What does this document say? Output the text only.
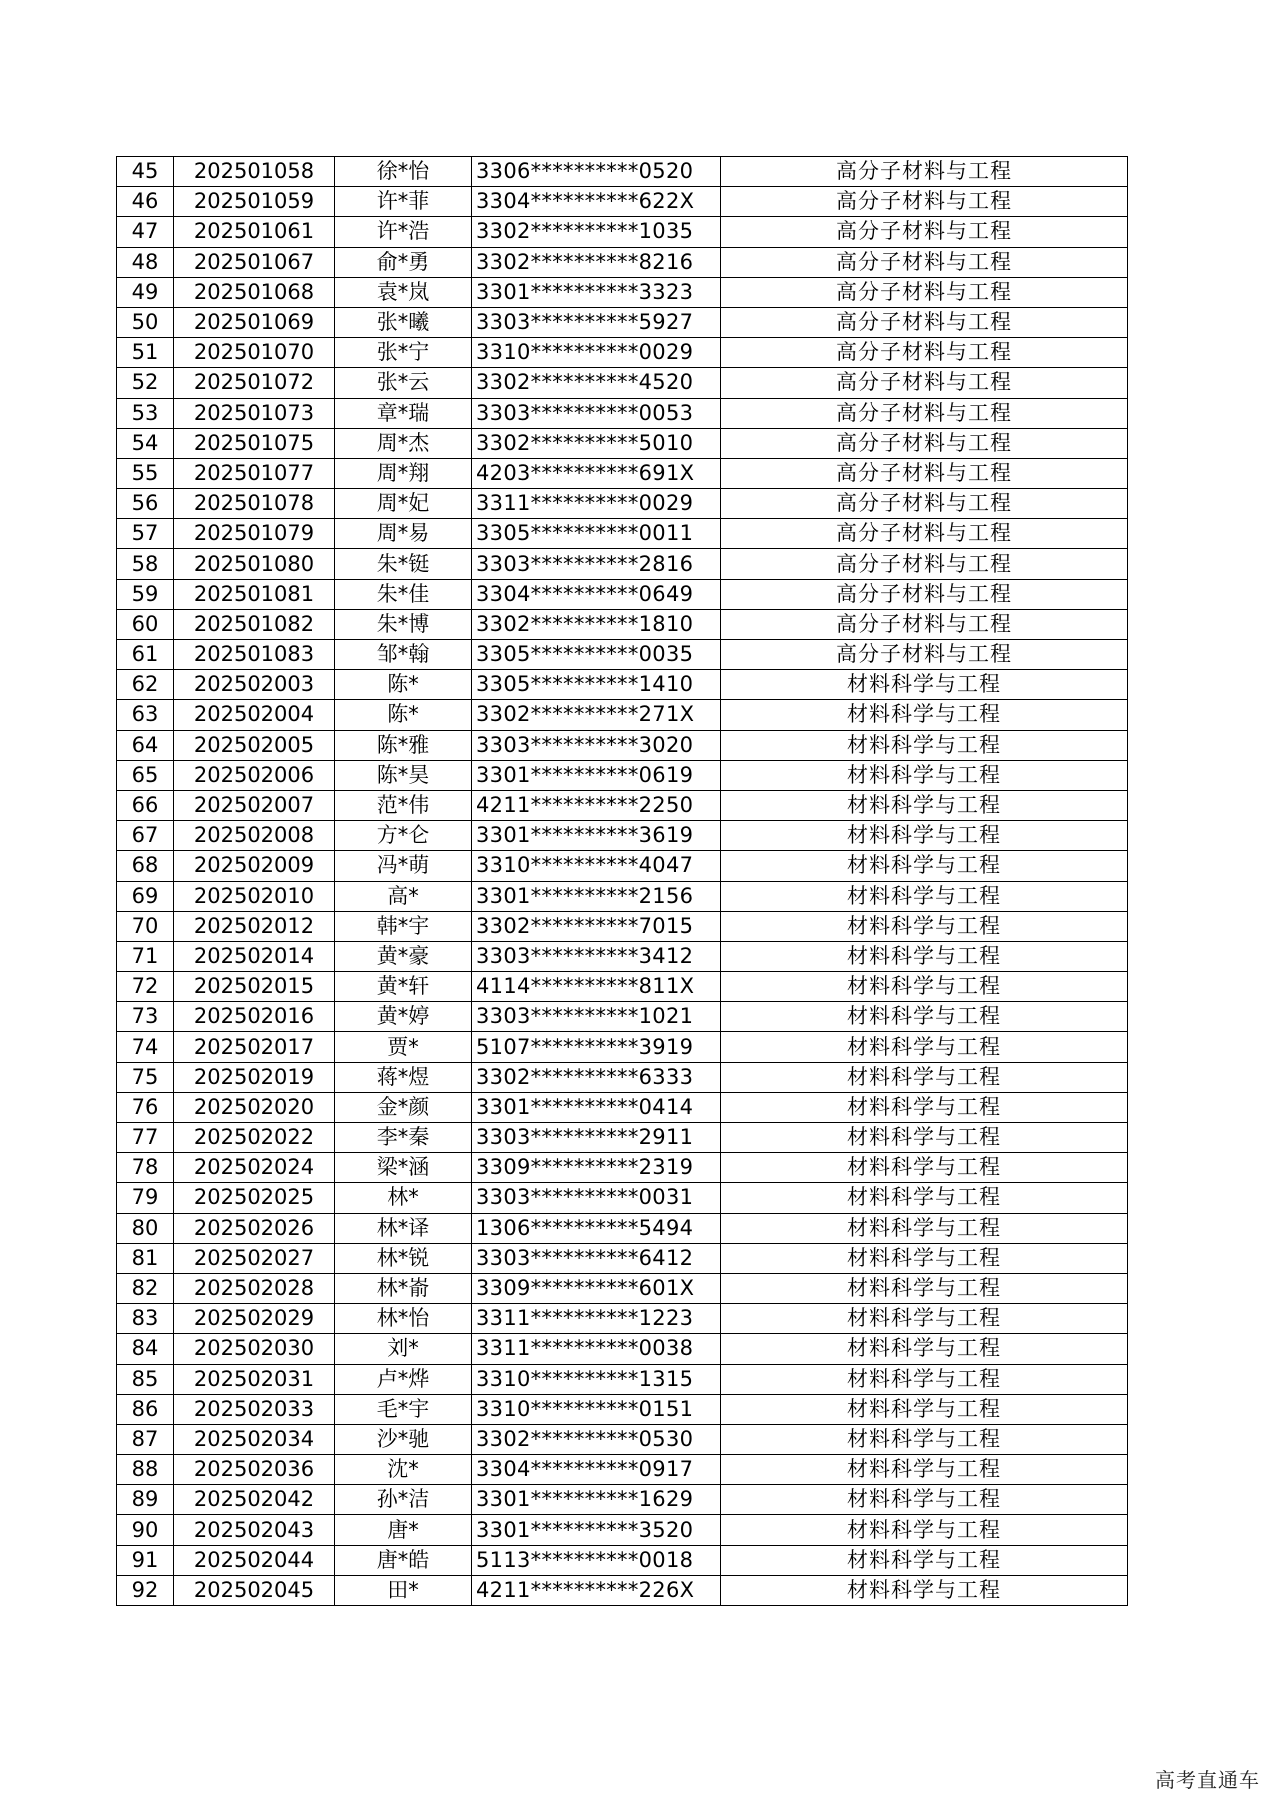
45	202501058	徐*怡	3306**********0520	高分子材料与工程
46	202501059	许*菲	3304**********622X	高分子材料与工程
47	202501061	许*浩	3302**********1035	高分子材料与工程
48	202501067	俞*勇	3302**********8216	高分子材料与工程
49	202501068	袁*岚	3301**********3323	高分子材料与工程
50	202501069	张*曦	3303**********5927	高分子材料与工程
51	202501070	张*宁	3310**********0029	高分子材料与工程
52	202501072	张*云	3302**********4520	高分子材料与工程
53	202501073	章*瑞	3303**********0053	高分子材料与工程
54	202501075	周*杰	3302**********5010	高分子材料与工程
55	202501077	周*翔	4203**********691X	高分子材料与工程
56	202501078	周*妃	3311**********0029	高分子材料与工程
57	202501079	周*易	3305**********0011	高分子材料与工程
58	202501080	朱*铤	3303**********2816	高分子材料与工程
59	202501081	朱*佳	3304**********0649	高分子材料与工程
60	202501082	朱*博	3302**********1810	高分子材料与工程
61	202501083	邹*翰	3305**********0035	高分子材料与工程
62	202502003	陈*	3305**********1410	材料科学与工程
63	202502004	陈*	3302**********271X	材料科学与工程
64	202502005	陈*雅	3303**********3020	材料科学与工程
65	202502006	陈*昊	3301**********0619	材料科学与工程
66	202502007	范*伟	4211**********2250	材料科学与工程
67	202502008	方*仑	3301**********3619	材料科学与工程
68	202502009	冯*萌	3310**********4047	材料科学与工程
69	202502010	高*	3301**********2156	材料科学与工程
70	202502012	韩*宇	3302**********7015	材料科学与工程
71	202502014	黄*豪	3303**********3412	材料科学与工程
72	202502015	黄*轩	4114**********811X	材料科学与工程
73	202502016	黄*婷	3303**********1021	材料科学与工程
74	202502017	贾*	5107**********3919	材料科学与工程
75	202502019	蒋*煜	3302**********6333	材料科学与工程
76	202502020	金*颜	3301**********0414	材料科学与工程
77	202502022	李*秦	3303**********2911	材料科学与工程
78	202502024	梁*涵	3309**********2319	材料科学与工程
79	202502025	林*	3303**********0031	材料科学与工程
80	202502026	林*译	1306**********5494	材料科学与工程
81	202502027	林*锐	3303**********6412	材料科学与工程
82	202502028	林*嵛	3309**********601X	材料科学与工程
83	202502029	林*怡	3311**********1223	材料科学与工程
84	202502030	刘*	3311**********0038	材料科学与工程
85	202502031	卢*烨	3310**********1315	材料科学与工程
86	202502033	毛*宇	3310**********0151	材料科学与工程
87	202502034	沙*驰	3302**********0530	材料科学与工程
88	202502036	沈*	3304**********0917	材料科学与工程
89	202502042	孙*洁	3301**********1629	材料科学与工程
90	202502043	唐*	3301**********3520	材料科学与工程
91	202502044	唐*皓	5113**********0018	材料科学与工程
92	202502045	田*	4211**********226X	材料科学与工程
高考直通车
